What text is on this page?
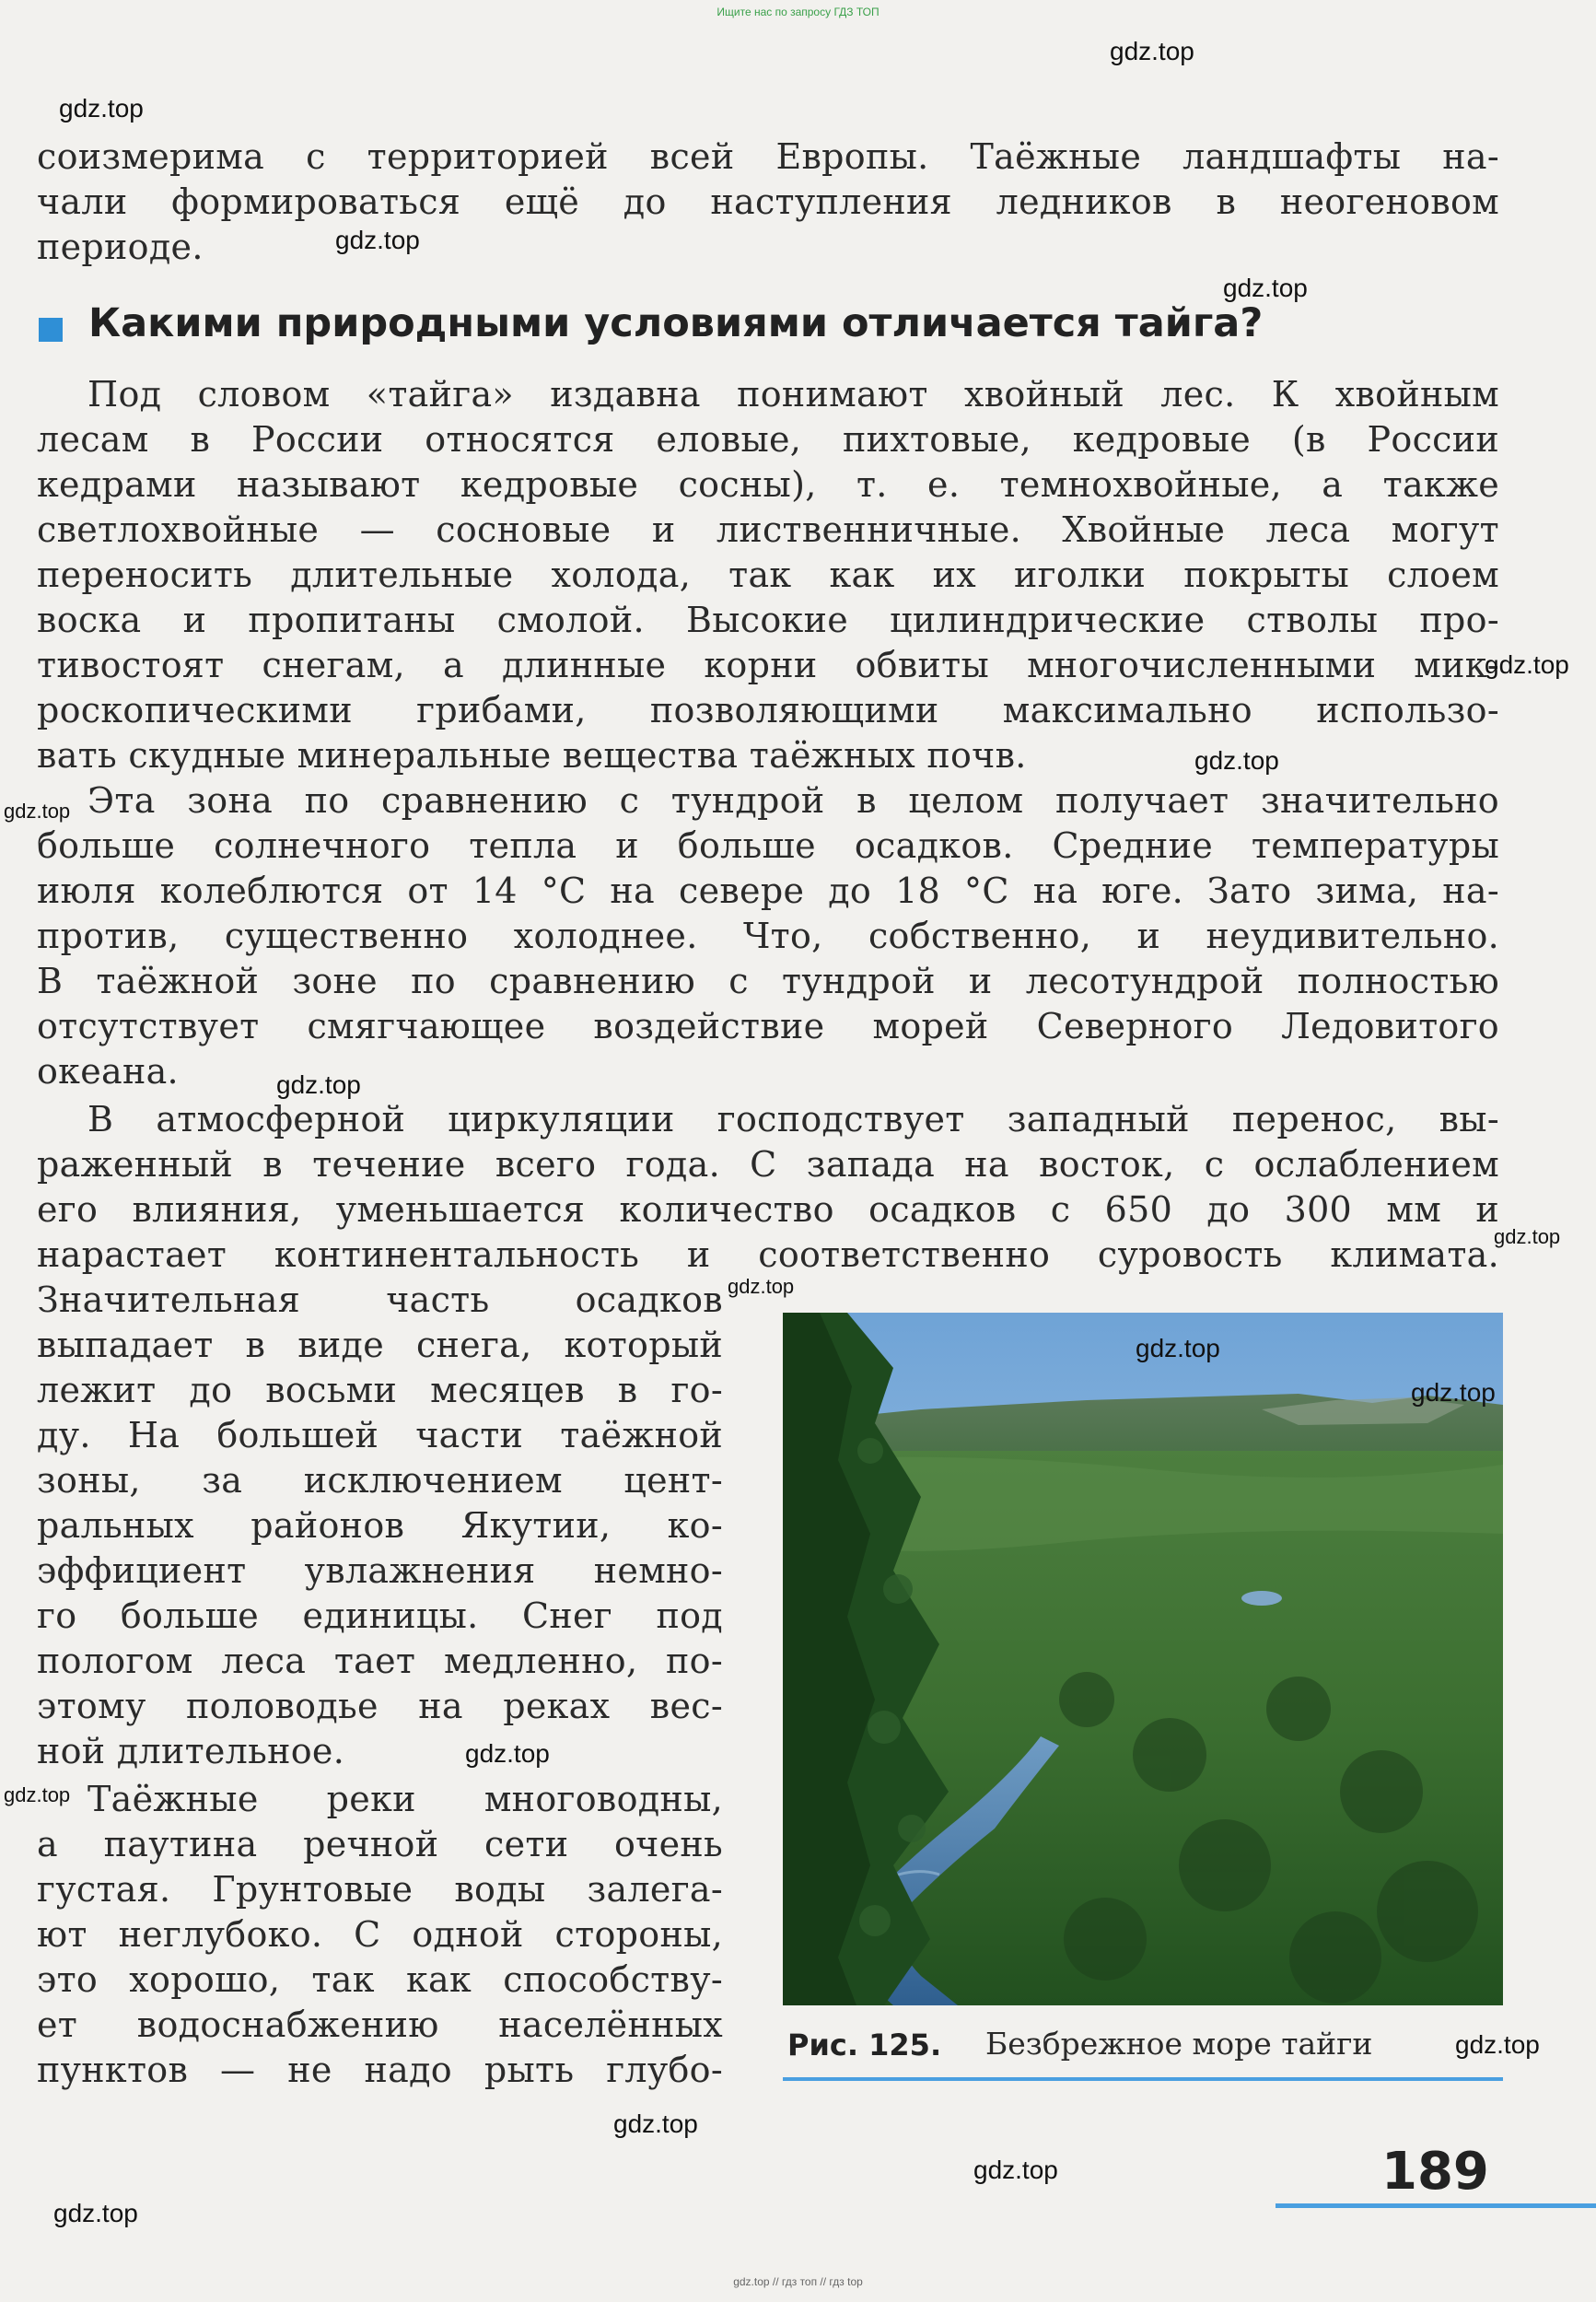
Ищите нас по запросу ГДЗ ТОП
соизмерима с территорией всей Европы. Таёжные ландшафты на-
чали формироваться ещё до наступления ледников в неогеновом
периоде.
Какими природными условиями отличается тайга?
Под словом «тайга» издавна понимают хвойный лес. К хвойным
лесам в России относятся еловые, пихтовые, кедровые (в России
кедрами называют кедровые сосны), т. е. темнохвойные, а также
светлохвойные — сосновые и лиственничные. Хвойные леса могут
переносить длительные холода, так как их иголки покрыты слоем
воска и пропитаны смолой. Высокие цилиндрические стволы про-
тивостоят снегам, а длинные корни обвиты многочисленными мик-
роскопическими грибами, позволяющими максимально использо-
вать скудные минеральные вещества таёжных почв.
Эта зона по сравнению с тундрой в целом получает значительно
больше солнечного тепла и больше осадков. Средние температуры
июля колеблются от 14 °С на севере до 18 °С на юге. Зато зима, на-
против, существенно холоднее. Что, собственно, и неудивительно.
В таёжной зоне по сравнению с тундрой и лесотундрой полностью
отсутствует смягчающее воздействие морей Северного Ледовитого
океана.
В атмосферной циркуляции господствует западный перенос, вы-
раженный в течение всего года. С запада на восток, с ослаблением
его влияния, уменьшается количество осадков с 650 до 300 мм и
нарастает континентальность и соответственно суровость климата.
Значительная часть осадков
выпадает в виде снега, который
лежит до восьми месяцев в го-
ду. На большей части таёжной
зоны, за исключением цент-
ральных районов Якутии, ко-
эффициент увлажнения немно-
го больше единицы. Снег под
пологом леса тает медленно, по-
этому половодье на реках вес-
ной длительное.
Таёжные реки многоводны,
а паутина речной сети очень
густая. Грунтовые воды залега-
ют неглубоко. С одной стороны,
это хорошо, так как способству-
ет водоснабжению населённых
пунктов — не надо рыть глубо-
Рис. 125. Безбрежное море тайги
189
gdz.top
gdz.top
gdz.top
gdz.top
gdz.top
gdz.top
gdz.top
gdz.top
gdz.top
gdz.top
gdz.top
gdz.top
gdz.top
gdz.top
gdz.top
gdz.top
gdz.top
gdz.top
gdz.top // гдз топ // гдз top
